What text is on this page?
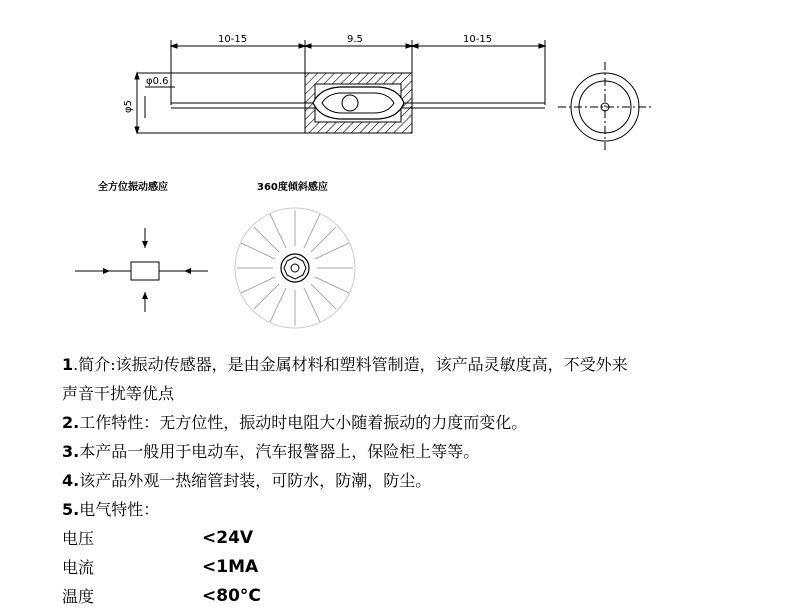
10-15	9.5	10-15
φ0.6
φ5
全方位振动感应	360度倾斜感应
1.简介:该振动传感器，是由金属材料和塑料管制造，该产品灵敏度高，不受外来
声音干扰等优点
2.工作特性：无方位性，振动时电阻大小随着振动的力度而变化。
3.本产品一般用于电动车，汽车报警器上，保险柜上等等。
4.该产品外观一热缩管封装，可防水，防潮，防尘。
5.电气特性：
电压	<24V
电流	<1MA
温度	<80°C
